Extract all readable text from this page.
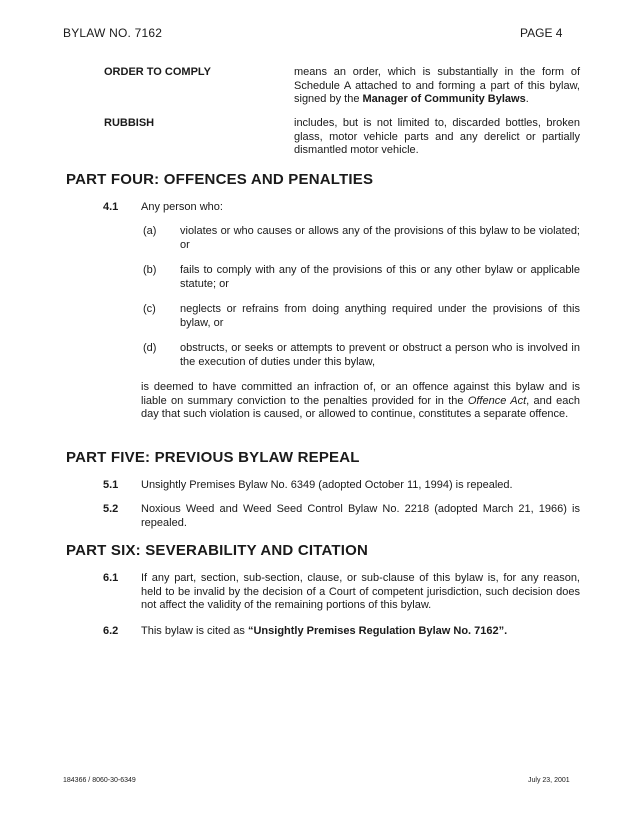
BYLAW NO. 7162	PAGE 4
ORDER TO COMPLY	means an order, which is substantially in the form of Schedule A attached to and forming a part of this bylaw, signed by the Manager of Community Bylaws.
RUBBISH	includes, but is not limited to, discarded bottles, broken glass, motor vehicle parts and any derelict or partially dismantled motor vehicle.
PART FOUR: OFFENCES AND PENALTIES
4.1 Any person who:
(a) violates or who causes or allows any of the provisions of this bylaw to be violated; or
(b) fails to comply with any of the provisions of this or any other bylaw or applicable statute; or
(c) neglects or refrains from doing anything required under the provisions of this bylaw, or
(d) obstructs, or seeks or attempts to prevent or obstruct a person who is involved in the execution of duties under this bylaw,
is deemed to have committed an infraction of, or an offence against this bylaw and is liable on summary conviction to the penalties provided for in the Offence Act, and each day that such violation is caused, or allowed to continue, constitutes a separate offence.
PART FIVE: PREVIOUS BYLAW REPEAL
5.1 Unsightly Premises Bylaw No. 6349 (adopted October 11, 1994) is repealed.
5.2 Noxious Weed and Weed Seed Control Bylaw No. 2218 (adopted March 21, 1966) is repealed.
PART SIX: SEVERABILITY AND CITATION
6.1 If any part, section, sub-section, clause, or sub-clause of this bylaw is, for any reason, held to be invalid by the decision of a Court of competent jurisdiction, such decision does not affect the validity of the remaining portions of this bylaw.
6.2 This bylaw is cited as “Unsightly Premises Regulation Bylaw No. 7162”.
184366 / 8060-30-6349	July 23, 2001
